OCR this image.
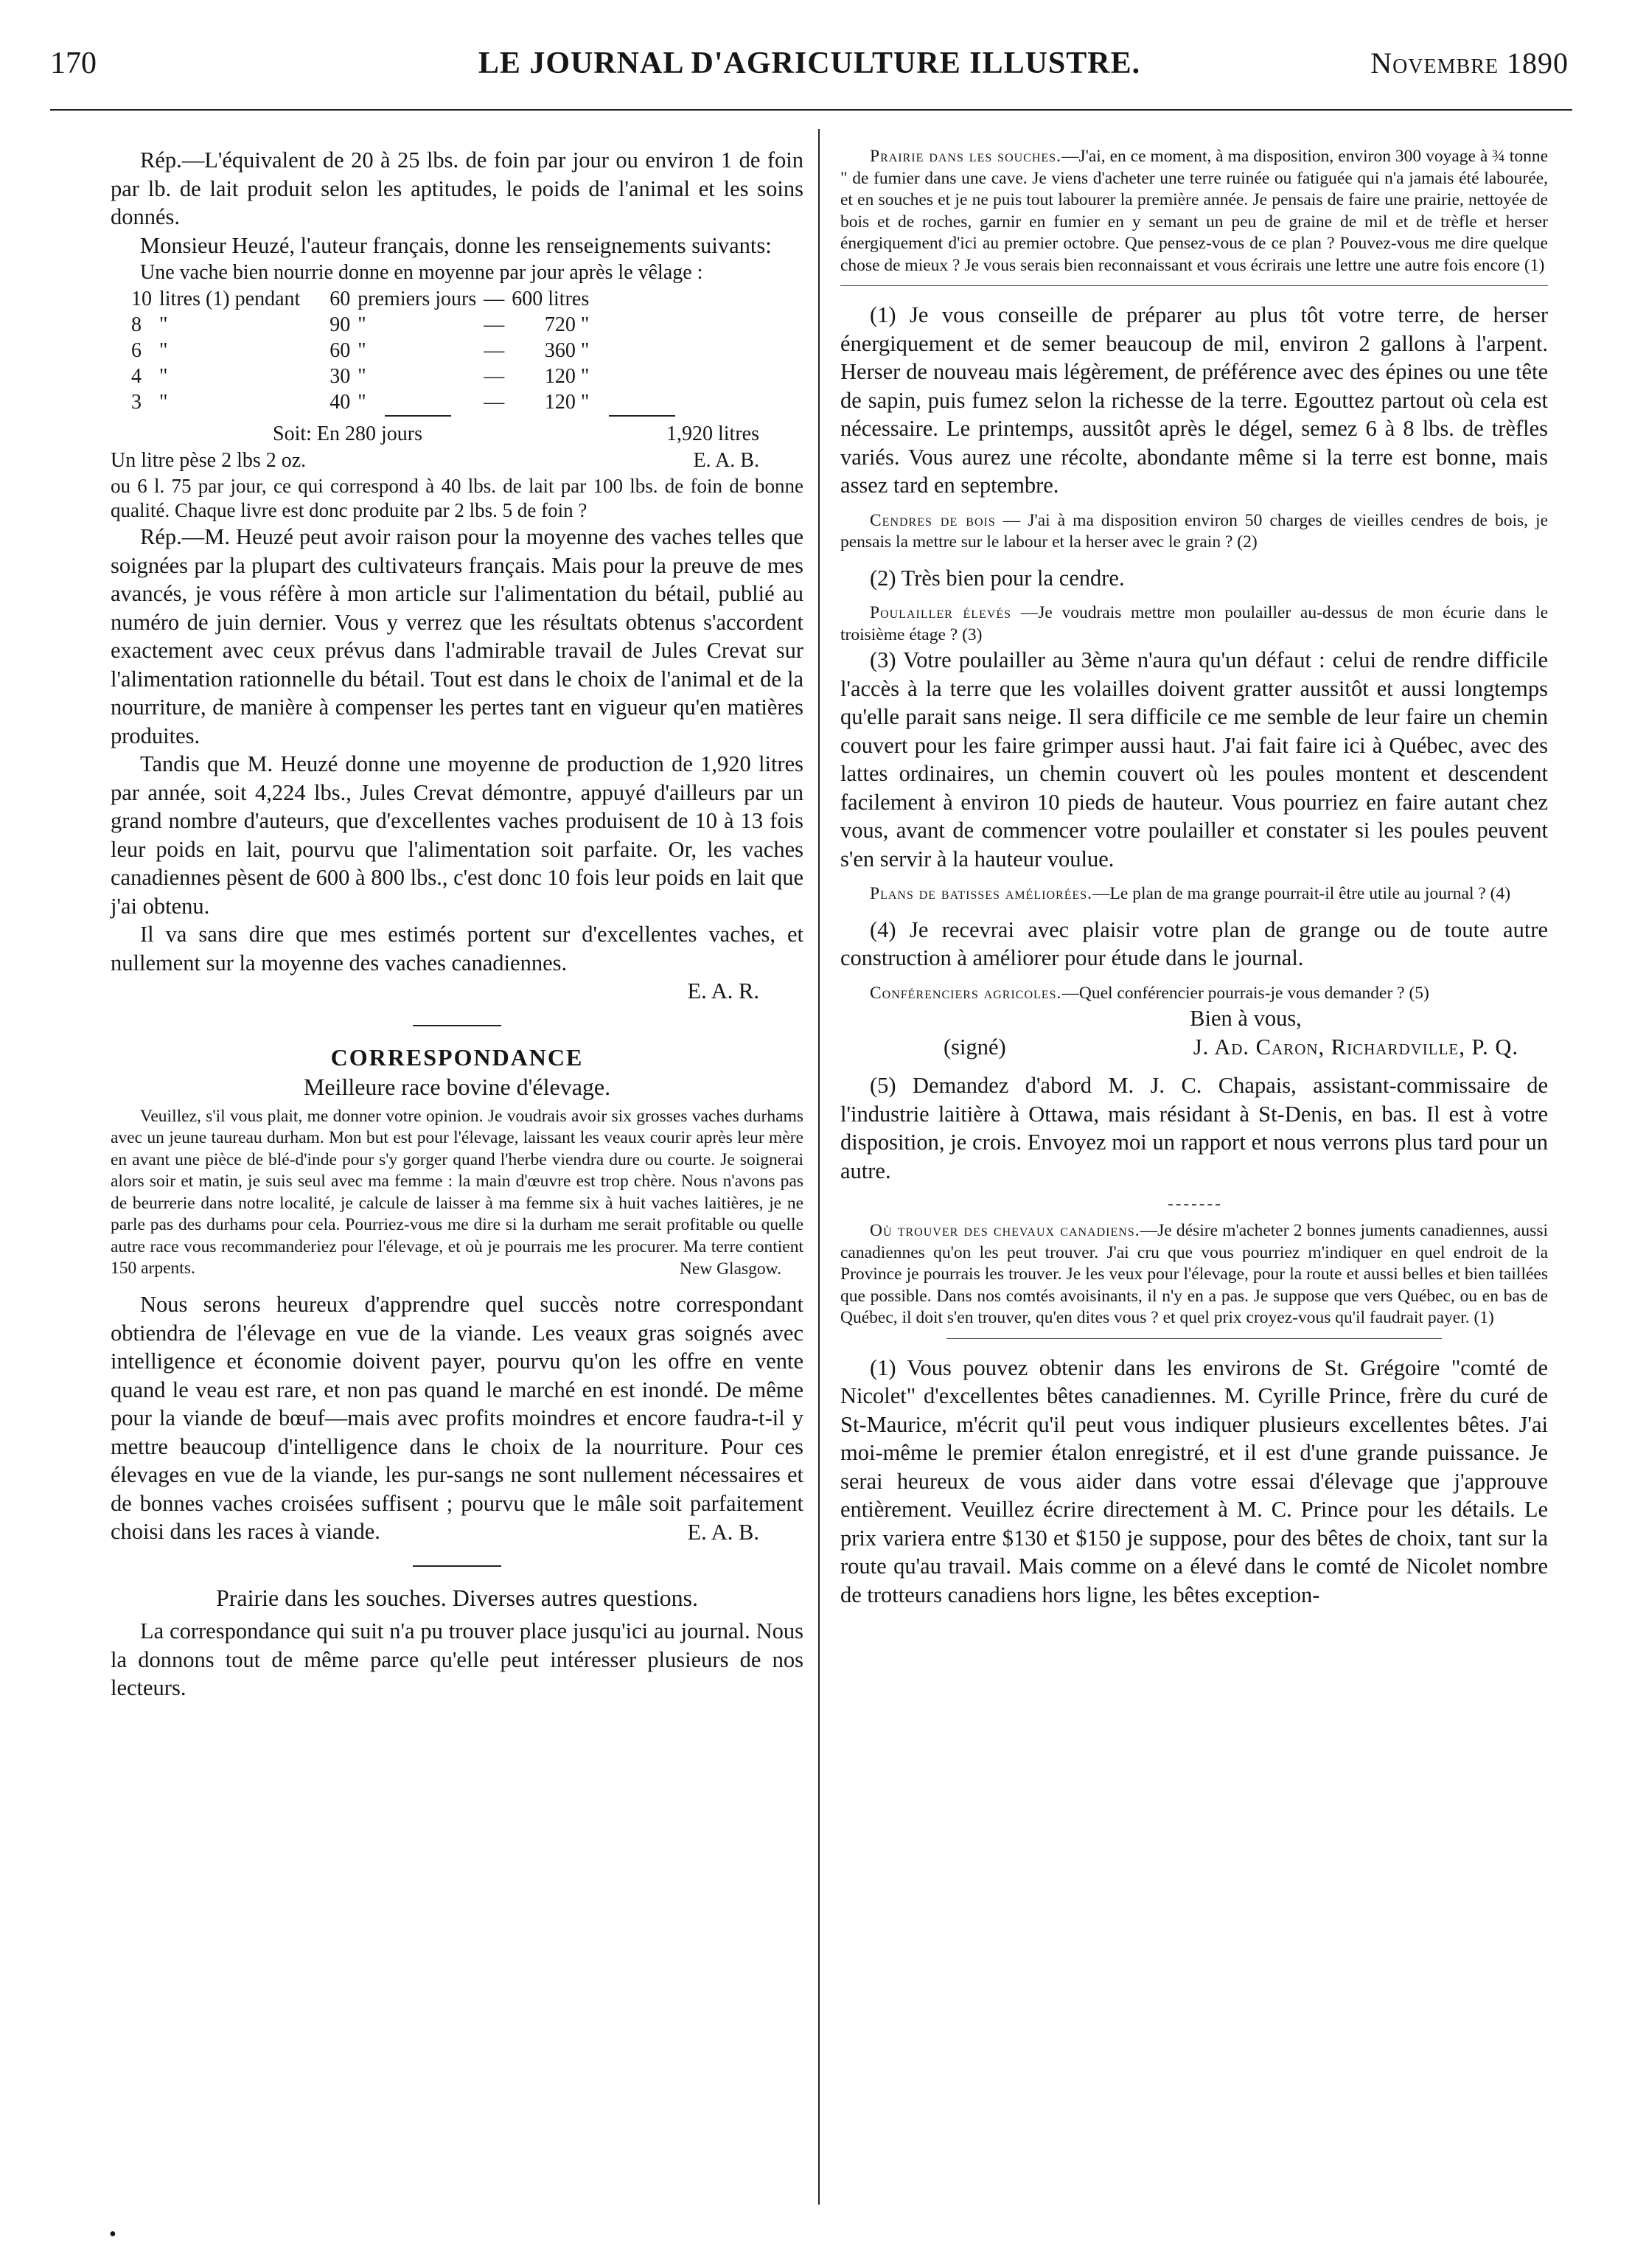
170	LE JOURNAL D'AGRICULTURE ILLUSTRE.	Novembre 1890

Rép.—L'équivalent de 20 à 25 lbs. de foin par jour ou environ 1 de foin par lb. de lait produit selon les aptitudes, le poids de l'animal et les soins donnés.

Monsieur Heuzé, l'auteur français, donne les renseignements suivants:

Une vache bien nourrie donne en moyenne par jour après le vêlage :

10	litres (1) pendant	60	premiers jours	—	600 litres
8	"	90	"	—	720 "
6	"	60	"	—	360 "
4	"	30	"	—	120 "
3	"	40	"	—	120 "
Soit: En 280 jours	1,920 litres
Un litre pèse 2 lbs 2 oz.	E. A. B.

ou 6 l. 75 par jour, ce qui correspond à 40 lbs. de lait par 100 lbs. de foin de bonne qualité. Chaque livre est donc produite par 2 lbs. 5 de foin ?

Rép.—M. Heuzé peut avoir raison pour la moyenne des vaches telles que soignées par la plupart des cultivateurs français. Mais pour la preuve de mes avancés, je vous réfère à mon article sur l'alimentation du bétail, publié au numéro de juin dernier. Vous y verrez que les résultats obtenus s'accordent exactement avec ceux prévus dans l'admirable travail de Jules Crevat sur l'alimentation rationnelle du bétail. Tout est dans le choix de l'animal et de la nourriture, de manière à compenser les pertes tant en vigueur qu'en matières produites.

Tandis que M. Heuzé donne une moyenne de production de 1,920 litres par année, soit 4,224 lbs., Jules Crevat démontre, appuyé d'ailleurs par un grand nombre d'auteurs, que d'excellentes vaches produisent de 10 à 13 fois leur poids en lait, pourvu que l'alimentation soit parfaite. Or, les vaches canadiennes pèsent de 600 à 800 lbs., c'est donc 10 fois leur poids en lait que j'ai obtenu.

Il va sans dire que mes estimés portent sur d'excellentes vaches, et nullement sur la moyenne des vaches canadiennes.

E. A. R.

CORRESPONDANCE
Meilleure race bovine d'élevage.

Veuillez, s'il vous plait, me donner votre opinion. Je voudrais avoir six grosses vaches durhams avec un jeune taureau durham. Mon but est pour l'élevage, laissant les veaux courir après leur mère en avant une pièce de blé-d'inde pour s'y gorger quand l'herbe viendra dure ou courte. Je soignerai alors soir et matin, je suis seul avec ma femme : la main d'œuvre est trop chère. Nous n'avons pas de beurrerie dans notre localité, je calcule de laisser à ma femme six à huit vaches laitières, je ne parle pas des durhams pour cela. Pourriez-vous me dire si la durham me serait profitable ou quelle autre race vous recommanderiez pour l'élevage, et où je pourrais me les procurer. Ma terre contient 150 arpents.	New Glasgow.

Nous serons heureux d'apprendre quel succès notre correspondant obtiendra de l'élevage en vue de la viande. Les veaux gras soignés avec intelligence et économie doivent payer, pourvu qu'on les offre en vente quand le veau est rare, et non pas quand le marché en est inondé. De même pour la viande de bœuf—mais avec profits moindres et encore faudra-t-il y mettre beaucoup d'intelligence dans le choix de la nourriture. Pour ces élevages en vue de la viande, les pur-sangs ne sont nullement nécessaires et de bonnes vaches croisées suffisent ; pourvu que le mâle soit parfaitement choisi dans les races à viande.	E. A. B.

Prairie dans les souches. Diverses autres questions.

La correspondance qui suit n'a pu trouver place jusqu'ici au journal. Nous la donnons tout de même parce qu'elle peut intéresser plusieurs de nos lecteurs.

Prairie dans les souches.—J'ai, en ce moment, à ma disposition, environ 300 voyage à ¾ tonne " de fumier dans une cave. Je viens d'acheter une terre ruinée ou fatiguée qui n'a jamais été labourée, et en souches et je ne puis tout labourer la première année. Je pensais de faire une prairie, nettoyée de bois et de roches, garnir en fumier en y semant un peu de graine de mil et de trèfle et herser énergiquement d'ici au premier octobre. Que pensez-vous de ce plan ? Pouvez-vous me dire quelque chose de mieux ? Je vous serais bien reconnaissant et vous écrirais une lettre une autre fois encore (1)

(1) Je vous conseille de préparer au plus tôt votre terre, de herser énergiquement et de semer beaucoup de mil, environ 2 gallons à l'arpent. Herser de nouveau mais légèrement, de préférence avec des épines ou une tête de sapin, puis fumez selon la richesse de la terre. Egouttez partout où cela est nécessaire. Le printemps, aussitôt après le dégel, semez 6 à 8 lbs. de trèfles variés. Vous aurez une récolte, abondante même si la terre est bonne, mais assez tard en septembre.

Cendres de bois — J'ai à ma disposition environ 50 charges de vieilles cendres de bois, je pensais la mettre sur le labour et la herser avec le grain ? (2)

(2) Très bien pour la cendre.

Poulailler élevés —Je voudrais mettre mon poulailler au-dessus de mon écurie dans le troisième étage ? (3)

(3) Votre poulailler au 3ème n'aura qu'un défaut : celui de rendre difficile l'accès à la terre que les volailles doivent gratter aussitôt et aussi longtemps qu'elle parait sans neige. Il sera difficile ce me semble de leur faire un chemin couvert pour les faire grimper aussi haut. J'ai fait faire ici à Québec, avec des lattes ordinaires, un chemin couvert où les poules montent et descendent facilement à environ 10 pieds de hauteur. Vous pourriez en faire autant chez vous, avant de commencer votre poulailler et constater si les poules peuvent s'en servir à la hauteur voulue.

Plans de batisses améliorées.—Le plan de ma grange pourrait-il être utile au journal ? (4)

(4) Je recevrai avec plaisir votre plan de grange ou de toute autre construction à améliorer pour étude dans le journal.

Conférenciers agricoles.—Quel conférencier pourrais-je vous demander ? (5)

Bien à vous,

(signé)	J. Ad. Caron, Richardville, P. Q.

(5) Demandez d'abord M. J. C. Chapais, assistant-commissaire de l'industrie laitière à Ottawa, mais résidant à St-Denis, en bas. Il est à votre disposition, je crois. Envoyez moi un rapport et nous verrons plus tard pour un autre.

Où trouver des chevaux canadiens.—Je désire m'acheter 2 bonnes juments canadiennes, aussi canadiennes qu'on les peut trouver. J'ai cru que vous pourriez m'indiquer en quel endroit de la Province je pourrais les trouver. Je les veux pour l'élevage, pour la route et aussi belles et bien taillées que possible. Dans nos comtés avoisinants, il n'y en a pas. Je suppose que vers Québec, ou en bas de Québec, il doit s'en trouver, qu'en dites vous ? et quel prix croyez-vous qu'il faudrait payer. (1)

(1) Vous pouvez obtenir dans les environs de St. Grégoire "comté de Nicolet" d'excellentes bêtes canadiennes. M. Cyrille Prince, frère du curé de St-Maurice, m'écrit qu'il peut vous indiquer plusieurs excellentes bêtes. J'ai moi-même le premier étalon enregistré, et il est d'une grande puissance. Je serai heureux de vous aider dans votre essai d'élevage que j'approuve entièrement. Veuillez écrire directement à M. C. Prince pour les détails. Le prix variera entre $130 et $150 je suppose, pour des bêtes de choix, tant sur la route qu'au travail. Mais comme on a élevé dans le comté de Nicolet nombre de trotteurs canadiens hors ligne, les bêtes exception-

•
